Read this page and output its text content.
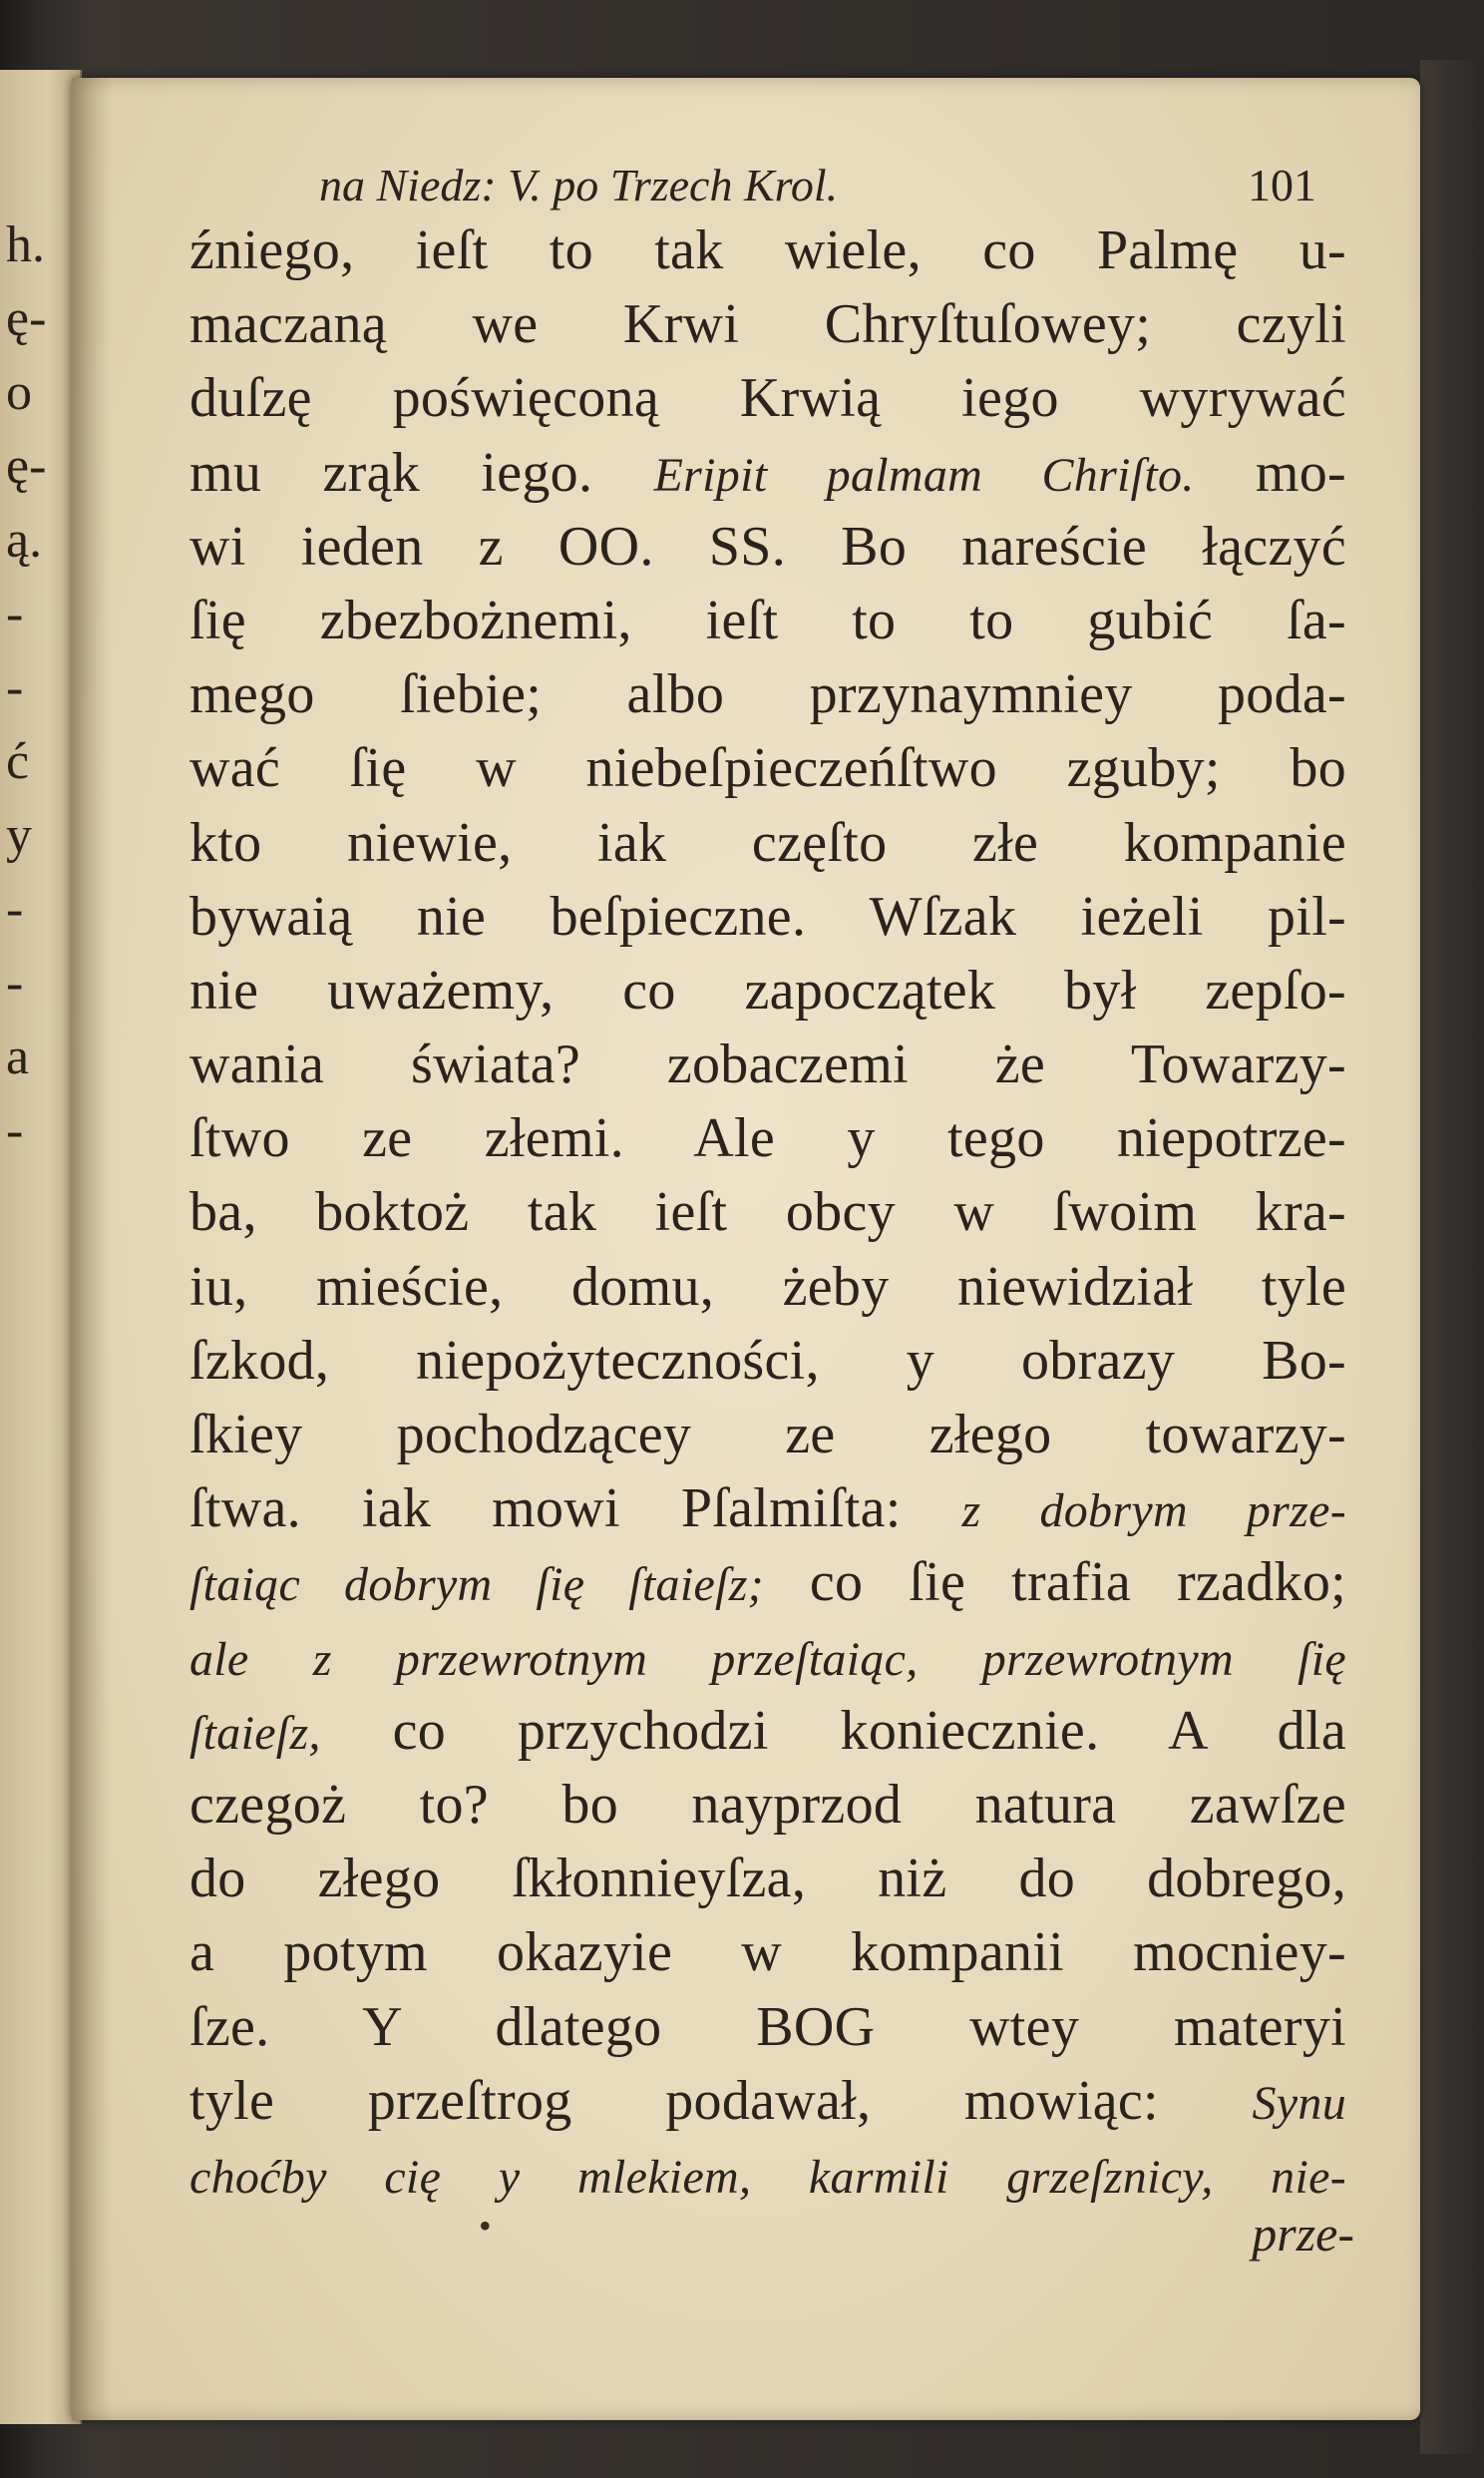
h.
ę-
o
ę-
ą.
-
-
ć
y
-
-
a
-
na Niedz: V. po Trzech Krol.	101
źniego, ieſt to tak wiele, co Palmę u-
maczaną we Krwi Chryſtuſowey; czyli
duſzę poświęconą Krwią iego wyrywać
mu zrąk iego. Eripit palmam Chriſto. mo-
wi ieden z OO. SS. Bo nareście łączyć
ſię zbezbożnemi, ieſt to to gubić ſa-
mego ſiebie; albo przynaymniey poda-
wać ſię w niebeſpieczeńſtwo zguby; bo
kto niewie, iak częſto złe kompanie
bywaią nie beſpieczne. Wſzak ieżeli pil-
nie uważemy, co zapoczątek był zepſo-
wania świata? zobaczemi że Towarzy-
ſtwo ze złemi. Ale y tego niepotrze-
ba, boktoż tak ieſt obcy w ſwoim kra-
iu, mieście, domu, żeby niewidział tyle
ſzkod, niepożyteczności, y obrazy Bo-
ſkiey pochodzącey ze złego towarzy-
ſtwa. iak mowi Pſalmiſta: z dobrym prze-
ſtaiąc dobrym ſię ſtaieſz; co ſię trafia rzadko;
ale z przewrotnym przeſtaiąc, przewrotnym ſię
ſtaieſz, co przychodzi koniecznie. A dla
czegoż to? bo nayprzod natura zawſze
do złego ſkłonnieyſza, niż do dobrego,
a potym okazyie w kompanii mocniey-
ſze. Y dlatego BOG wtey materyi
tyle przeſtrog podawał, mowiąc: Synu
choćby cię y mlekiem, karmili grzeſznicy, nie-
•	prze-
